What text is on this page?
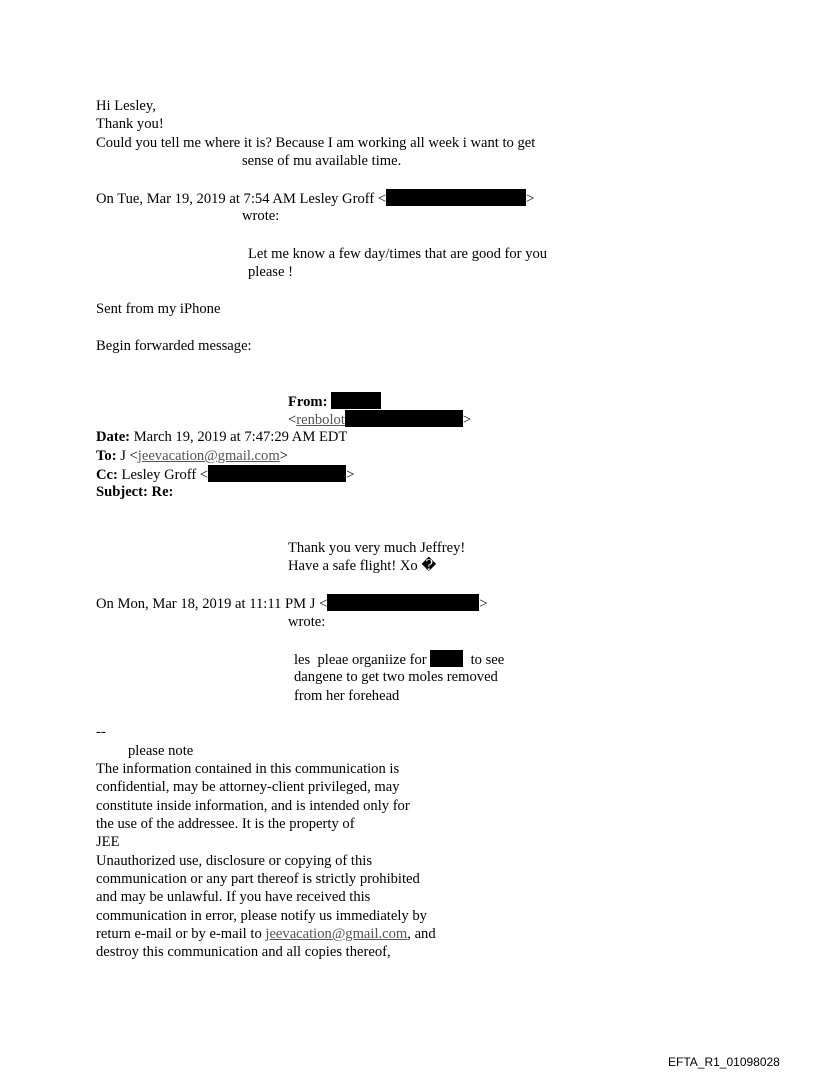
Hi Lesley,
Thank you!
Could you tell me where it is? Because I am working all week i want to get
sense of mu available time.
On Tue, Mar 19, 2019 at 7:54 AM Lesley Groff <	>
wrote:
Let me know a few day/times that are good for you
please !
Sent from my iPhone
Begin forwarded message:
From:
<renbolot	>
Date: March 19, 2019 at 7:47:29 AM EDT
To: J <jeevacation@gmail.com>
Cc: Lesley Groff <	>
Subject: Re:
Thank you very much Jeffrey!
Have a safe flight! Xo �
On Mon, Mar 18, 2019 at 11:11 PM J <	>
wrote:
les  pleae organiize for   to see
dangene to get two moles removed
from her forehead
--
please note
The information contained in this communication is
confidential, may be attorney-client privileged, may
constitute inside information, and is intended only for
the use of the addressee. It is the property of
JEE
Unauthorized use, disclosure or copying of this
communication or any part thereof is strictly prohibited
and may be unlawful. If you have received this
communication in error, please notify us immediately by
return e-mail or by e-mail to jeevacation@gmail.com, and
destroy this communication and all copies thereof,
EFTA_R1_01098028
